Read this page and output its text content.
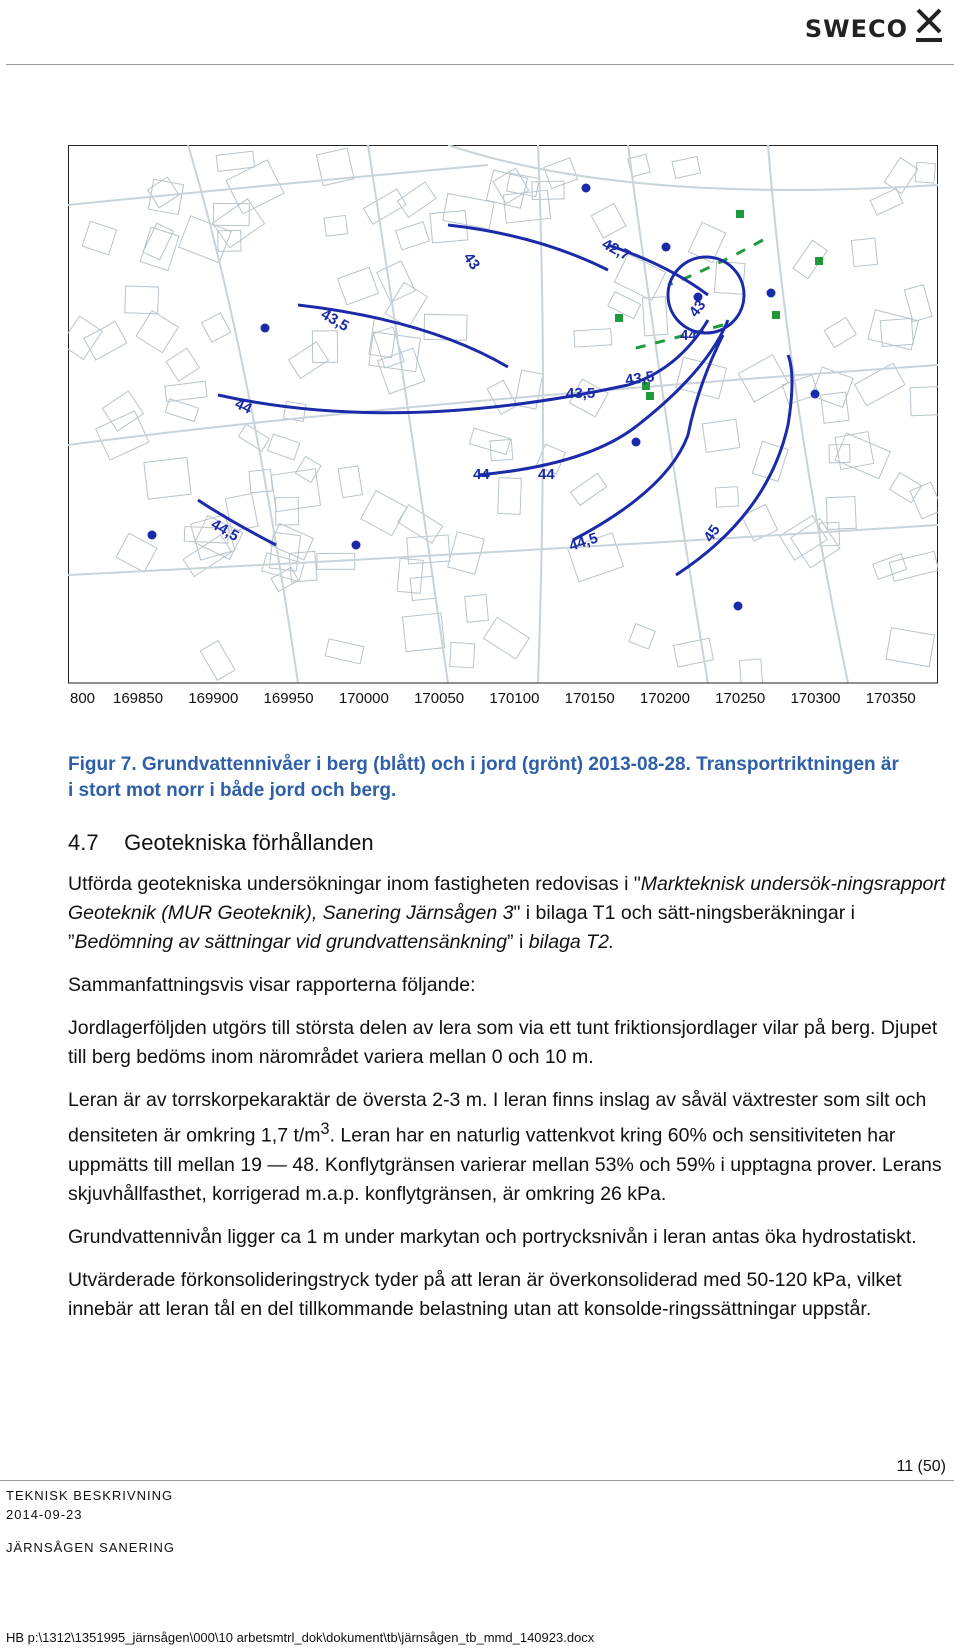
SWECO
43	42,7
43,5	43
44
43,5
43,5
44
44	44
44,5	44,5	45
800 169850 169900 169950 170000 170050 170100 170150 170200 170250 170300 170350
Figur 7. Grundvattennivåer i berg (blått) och i jord (grönt) 2013-08-28. Transportriktningen är
i stort mot norr i både jord och berg.
4.7 Geotekniska förhållanden

Utförda geotekniska undersökningar inom fastigheten redovisas i "Markteknisk undersök-ningsrapport Geoteknik (MUR Geoteknik), Sanering Järnsågen 3" i bilaga T1 och sätt-ningsberäkningar i ”Bedömning av sättningar vid grundvattensänkning” i bilaga T2.

Sammanfattningsvis visar rapporterna följande:

Jordlagerföljden utgörs till största delen av lera som via ett tunt friktionsjordlager vilar på berg. Djupet till berg bedöms inom närområdet variera mellan 0 och 10 m.

Leran är av torrskorpekaraktär de översta 2-3 m. I leran finns inslag av såväl växtrester som silt och densiteten är omkring 1,7 $t/m^3$. Leran har en naturlig vattenkvot kring 60% och sensitiviteten har uppmätts till mellan 19 — 48. Konflytgränsen varierar mellan 53% och 59% i upptagna prover. Lerans skjuvhållfasthet, korrigerad m.a.p. konflytgränsen, är omkring 26 kPa.

Grundvattennivån ligger ca 1 m under markytan och portrycksnivån i leran antas öka hydrostatiskt.

Utvärderade förkonsolideringstryck tyder på att leran är överkonsoliderad med 50-120 kPa, vilket innebär att leran tål en del tillkommande belastning utan att konsolde-ringssättningar uppstår.

11 (50)
TEKNISK BESKRIVNING
2014-09-23
JÄRNSÅGEN SANERING
HB p:\1312\1351995_järnsågen\000\10 arbetsmtrl_dok\dokument\tb\järnsågen_tb_mmd_140923.docx
